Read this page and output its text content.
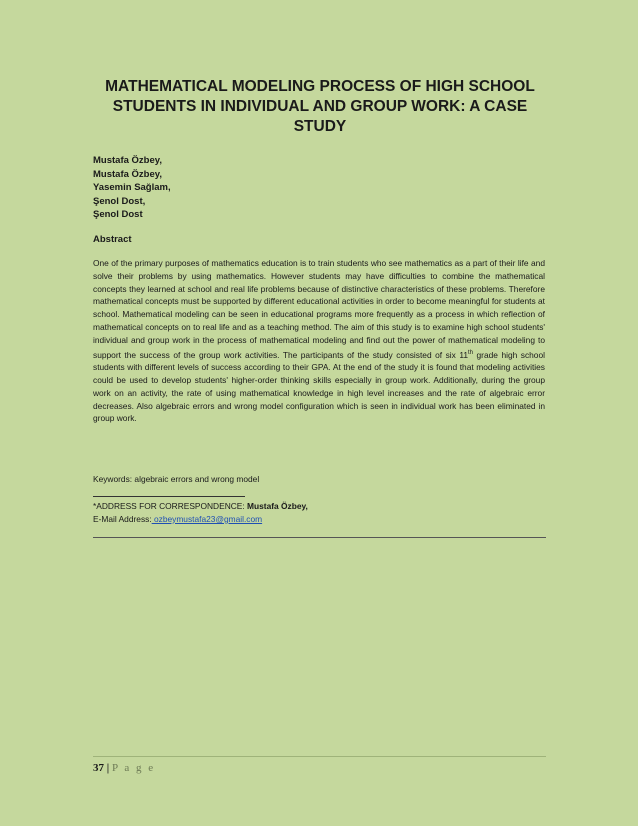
MATHEMATICAL MODELING PROCESS OF HIGH SCHOOL STUDENTS IN INDIVIDUAL AND GROUP WORK: A CASE STUDY
Mustafa Özbey,
Mustafa Özbey,
Yasemin Sağlam,
Şenol Dost,
Şenol Dost
Abstract

One of the primary purposes of mathematics education is to train students who see mathematics as a part of their life and solve their problems by using mathematics. However students may have difficulties to combine the mathematical concepts they learned at school and real life problems because of distinctive characteristics of these problems. Therefore mathematical concepts must be supported by different educational activities in order to become meaningful for students at school. Mathematical modeling can be seen in educational programs more frequently as a process in which reflection of mathematical concepts on to real life and as a teaching method. The aim of this study is to examine high school students' individual and group work in the process of mathematical modeling and find out the power of mathematical modeling to support the success of the group work activities. The participants of the study consisted of six 11th grade high school students with different levels of success according to their GPA. At the end of the study it is found that modeling activities could be used to develop students' higher-order thinking skills especially in group work. Additionally, during the group work on an activity, the rate of using mathematical knowledge in high level increases and the rate of algebraic error decreases. Also algebraic errors and wrong model configuration which is seen in individual work has been eliminated in group work.

Keywords: algebraic errors and wrong model
*ADDRESS FOR CORRESPONDENCE: Mustafa Özbey,
E-Mail Address: ozbeymustafa23@gmail.com
37 | P a g e
